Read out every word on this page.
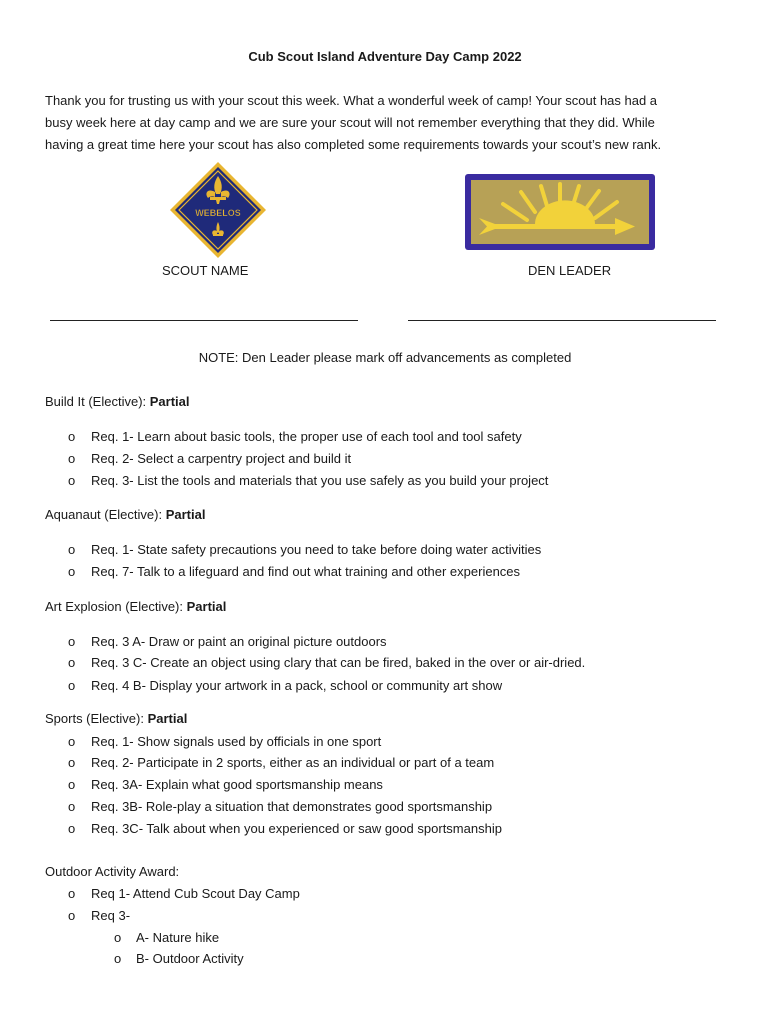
Cub Scout Island Adventure Day Camp 2022
Thank you for trusting us with your scout this week. What a wonderful week of camp! Your scout has had a
busy week here at day camp and we are sure your scout will not remember everything that they did. While
having a great time here your scout has also completed some requirements towards your scout’s new rank.
WEBELOS
SCOUT NAME	DEN LEADER
NOTE: Den Leader please mark off advancements as completed
Build It (Elective): Partial
o Req. 1- Learn about basic tools, the proper use of each tool and tool safety
o Req. 2- Select a carpentry project and build it
o Req. 3- List the tools and materials that you use safely as you build your project
Aquanaut (Elective): Partial
o Req. 1- State safety precautions you need to take before doing water activities
o Req. 7- Talk to a lifeguard and find out what training and other experiences
Art Explosion (Elective): Partial
o Req. 3 A- Draw or paint an original picture outdoors
o Req. 3 C- Create an object using clary that can be fired, baked in the over or air-dried.
o Req. 4 B- Display your artwork in a pack, school or community art show
Sports (Elective): Partial
o Req. 1- Show signals used by officials in one sport
o Req. 2- Participate in 2 sports, either as an individual or part of a team
o Req. 3A- Explain what good sportsmanship means
o Req. 3B- Role-play a situation that demonstrates good sportsmanship
o Req. 3C- Talk about when you experienced or saw good sportsmanship
Outdoor Activity Award:
o Req 1- Attend Cub Scout Day Camp
o Req 3-
o A- Nature hike
o B- Outdoor Activity
